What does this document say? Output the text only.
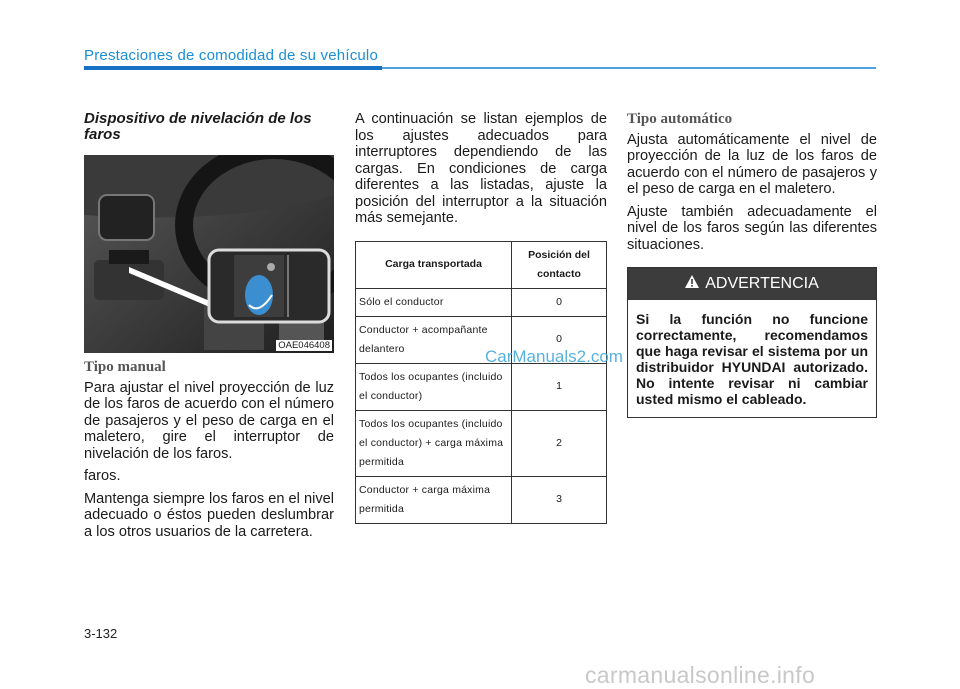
Prestaciones de comodidad de su vehículo
Dispositivo de nivelación de los faros
OAE046408
Tipo manual

Para ajustar el nivel proyección de luz de los faros de acuerdo con el número de pasajeros y el peso de carga en el maletero, gire el interruptor de nivelación de los faros.

faros.

Mantenga siempre los faros en el nivel adecuado o éstos pueden deslumbrar a los otros usuarios de la carretera.

A continuación se listan ejemplos de los ajustes adecuados para interruptores dependiendo de las cargas. En condiciones de carga diferentes a las listadas, ajuste la posición del interruptor a la situación más semejante.

Carga transportada	Posición del contacto
Sólo el conductor	0
Conductor + acompañante delantero	0
Todos los ocupantes (incluido el conductor)	1
Todos los ocupantes (incluido el conductor) + carga máxima permitida	2
Conductor + carga máxima permitida	3
Tipo automático

Ajusta automáticamente el nivel de proyección de la luz de los faros de acuerdo con el número de pasajeros y el peso de carga en el maletero.

Ajuste también adecuadamente el nivel de los faros según las diferentes situaciones.

ADVERTENCIA
Si la función no funcione correctamente, recomendamos que haga revisar el sistema por un distribuidor HYUNDAI autorizado. No intente revisar ni cambiar usted mismo el cableado.
CarManuals2.com
3-132
carmanualsonline.info
